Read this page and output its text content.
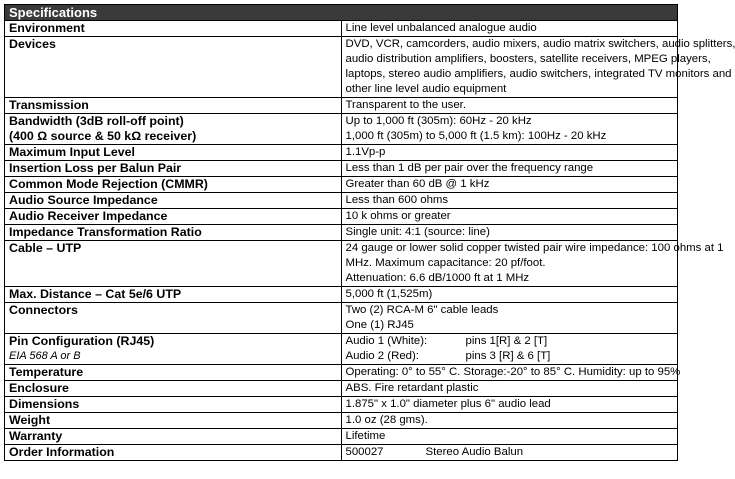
Specifications	

Environment	Line level unbalanced analogue audio

Devices	DVD, VCR, camcorders, audio mixers, audio matrix switchers, audio splitters,
audio distribution amplifiers, boosters, satellite receivers, MPEG players,
laptops, stereo audio amplifiers, audio switchers, integrated TV monitors and
other line level audio equipment

Transmission	Transparent to the user.

Bandwidth (3dB roll-off point)
(400 Ω source & 50 kΩ receiver)	Up to 1,000 ft (305m): 60Hz - 20 kHz
1,000 ft (305m) to 5,000 ft (1.5 km): 100Hz - 20 kHz

Maximum Input Level	1.1Vp-p

Insertion Loss per Balun Pair	Less than 1 dB per pair over the frequency range

Common Mode Rejection (CMMR)	Greater than 60 dB @ 1 kHz

Audio Source Impedance	Less than 600 ohms

Audio Receiver Impedance	10 k ohms or greater

Impedance Transformation Ratio	Single unit: 4:1 (source: line)

Cable – UTP	24 gauge or lower solid copper twisted pair wire impedance: 100 ohms at 1
MHz. Maximum capacitance: 20 pf/foot.
Attenuation: 6.6 dB/1000 ft at 1 MHz

Max. Distance – Cat 5e/6 UTP	5,000 ft (1,525m)

Connectors	Two (2) RCA-M 6" cable leads
One (1) RJ45

Pin Configuration (RJ45)
EIA 568 A or B	Audio 1 (White): pins 1[R] & 2 [T]
Audio 2 (Red): pins 3 [R] & 6 [T]

Temperature	Operating: 0° to 55° C. Storage:-20° to 85° C. Humidity: up to 95%

Enclosure	ABS. Fire retardant plastic

Dimensions	1.875" x 1.0" diameter plus 6" audio lead

Weight	1.0 oz (28 gms).

Warranty	Lifetime

Order Information	500027 Stereo Audio Balun
